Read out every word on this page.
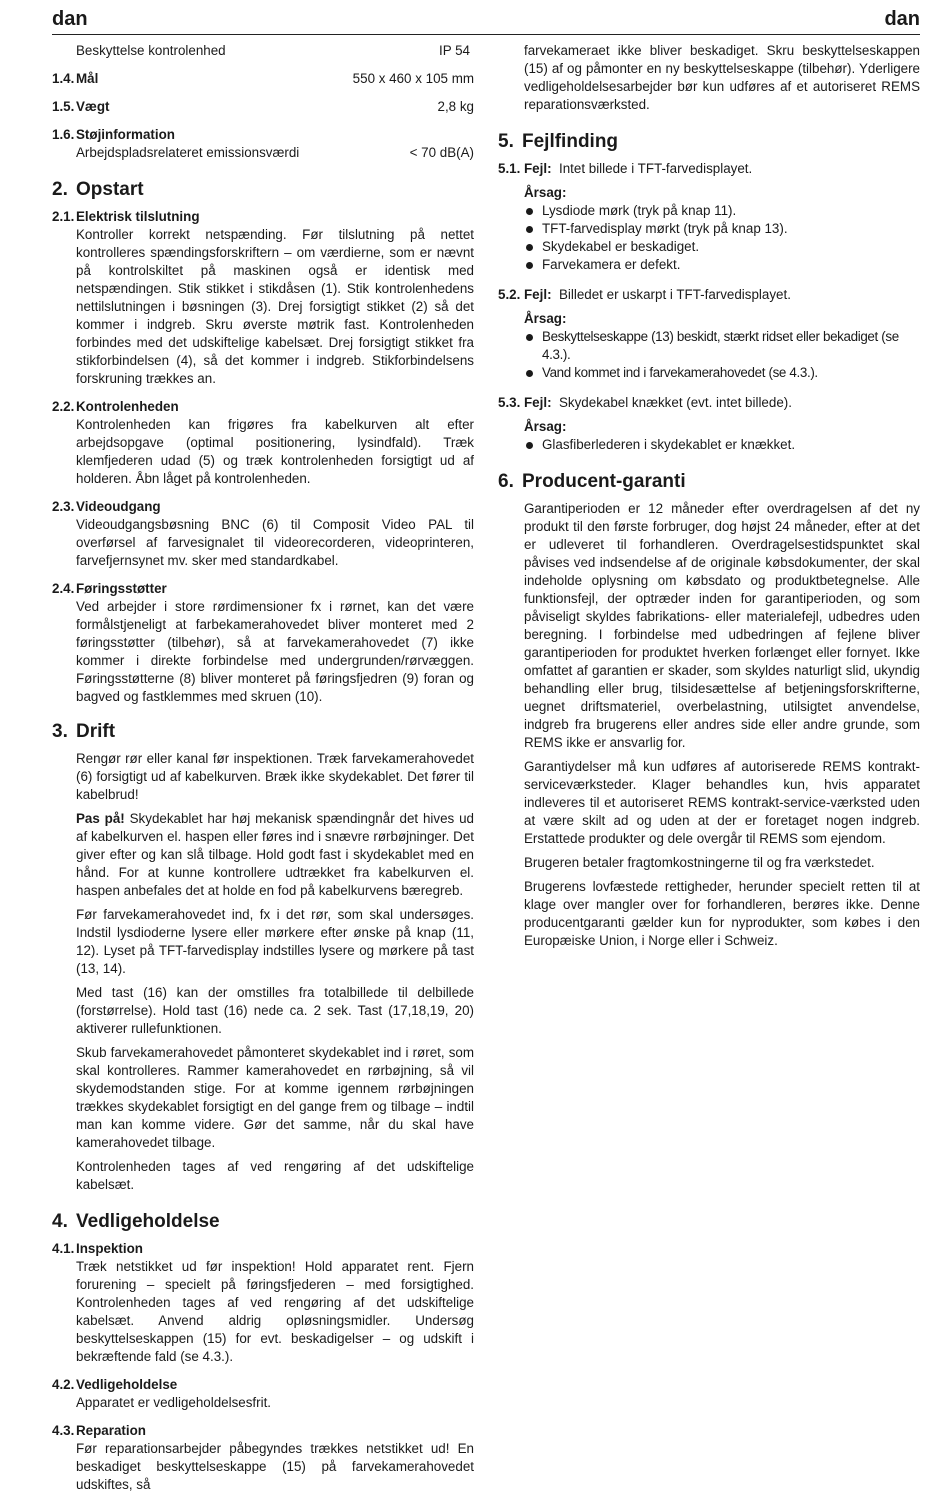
dan	dan
Beskyttelse kontrolenhed	IP 54
1.4. Mål	550 x 460 x 105 mm
1.5. Vægt	2,8 kg
1.6. Støjinformation
Arbejdspladsrelateret emissionsværdi	< 70 dB(A)
2. Opstart
2.1. Elektrisk tilslutning

Kontroller korrekt netspænding. Før tilslutning på nettet kontrolleres spændingsforskriftern – om værdierne, som er nævnt på kontrolskiltet på maskinen også er identisk med netspændingen. Stik stikket i stikdåsen (1). Stik kontrolenhedens nettilslutningen i bøsningen (3). Drej forsigtigt stikket (2) så det kommer i indgreb. Skru øverste møtrik fast. Kontrolenheden forbindes med det udskiftelige kabelsæt. Drej forsigtigt stikket fra stikforbindelsen (4), så det kommer i indgreb. Stikforbindelsens forskruning trækkes an.

2.2. Kontrolenheden

Kontrolenheden kan frigøres fra kabelkurven alt efter arbejdsopgave (optimal positionering, lysindfald). Træk klemfjederen udad (5) og træk kontrolenheden forsigtigt ud af holderen. Åbn låget på kontrolenheden.

2.3. Videoudgang

Videoudgangsbøsning BNC (6) til Composit Video PAL til overførsel af farvesignalet til videorecorderen, videoprinteren, farvefjernsynet mv. sker med standardkabel.

2.4. Føringsstøtter

Ved arbejder i store rørdimensioner fx i rørnet, kan det være formålstjeneligt at farbekamerahovedet bliver monteret med 2 føringsstøtter (tilbehør), så at farvekamerahovedet (7) ikke kommer i direkte forbindelse med undergrunden/rørvæggen. Føringsstøtterne (8) bliver monteret på føringsfjedren (9) foran og bagved og fastklemmes med skruen (10).

3. Drift

Rengør rør eller kanal før inspektionen. Træk farvekamerahovedet (6) forsigtigt ud af kabelkurven. Bræk ikke skydekablet. Det fører til kabelbrud!

Pas på! Skydekablet har høj mekanisk spændingnår det hives ud af kabelkurven el. haspen eller føres ind i snævre rørbøjninger. Det giver efter og kan slå tilbage. Hold godt fast i skydekablet med en hånd. For at kunne kontrollere udtrækket fra kabelkurven el. haspen anbefales det at holde en fod på kabelkurvens bæregreb.

Før farvekamerahovedet ind, fx i det rør, som skal undersøges. Indstil lysdioderne lysere eller mørkere efter ønske på knap (11, 12). Lyset på TFT-farvedisplay indstilles lysere og mørkere på tast (13, 14).

Med tast (16) kan der omstilles fra totalbillede til delbillede (forstørrelse). Hold tast (16) nede ca. 2 sek. Tast (17,18,19, 20) aktiverer rullefunktionen.

Skub farvekamerahovedet påmonteret skydekablet ind i røret, som skal kontrolleres. Rammer kamerahovedet en rørbøjning, så vil skydemodstanden stige. For at komme igennem rørbøjningen trækkes skydekablet forsigtigt en del gange frem og tilbage – indtil man kan komme videre. Gør det samme, når du skal have kamerahovedet tilbage.

Kontrolenheden tages af ved rengøring af det udskiftelige kabelsæt.

4. Vedligeholdelse
4.1. Inspektion

Træk netstikket ud før inspektion! Hold apparatet rent. Fjern forurening – specielt på føringsfjederen – med forsigtighed. Kontrolenheden tages af ved rengøring af det udskiftelige kabelsæt. Anvend aldrig opløsningsmidler. Undersøg beskyttelseskappen (15) for evt. beskadigelser – og udskift i bekræftende fald (se 4.3.).

4.2. Vedligeholdelse

Apparatet er vedligeholdelsesfrit.

4.3. Reparation

Før reparationsarbejder påbegyndes trækkes netstikket ud! En beskadiget beskyttelseskappe (15) på farvekamerahovedet udskiftes, så

farvekameraet ikke bliver beskadiget. Skru beskyttelseskappen (15) af og påmonter en ny beskyttelseskappe (tilbehør). Yderligere vedligeholdelsesarbejder bør kun udføres af et autoriseret REMS reparationsværksted.

5. Fejlfinding
5.1. Fejl: Intet billede i TFT-farvedisplayet.

Årsag:

Lysdiode mørk (tryk på knap 11).
TFT-farvedisplay mørkt (tryk på knap 13).
Skydekabel er beskadiget.
Farvekamera er defekt.
5.2. Fejl: Billedet er uskarpt i TFT-farvedisplayet.

Årsag:

Beskyttelseskappe (13) beskidt, stærkt ridset eller bekadiget (se 4.3.).
Vand kommet ind i farvekamerahovedet (se 4.3.).
5.3. Fejl: Skydekabel knækket (evt. intet billede).

Årsag:

Glasfiberlederen i skydekablet er knækket.
6. Producent-garanti

Garantiperioden er 12 måneder efter overdragelsen af det ny produkt til den første forbruger, dog højst 24 måneder, efter at det er udleveret til forhandleren. Overdragelsestidspunktet skal påvises ved indsendelse af de originale købsdokumenter, der skal indeholde oplysning om købsdato og produktbetegnelse. Alle funktionsfejl, der optræder inden for garantiperioden, og som påviseligt skyldes fabrikations- eller materialefejl, udbedres uden beregning. I forbindelse med udbedringen af fejlene bliver garantiperioden for produktet hverken forlænget eller fornyet. Ikke omfattet af garantien er skader, som skyldes naturligt slid, ukyndig behandling eller brug, tilsidesættelse af betjeningsforskrifterne, uegnet driftsmateriel, overbelastning, utilsigtet anvendelse, indgreb fra brugerens eller andres side eller andre grunde, som REMS ikke er ansvarlig for.

Garantiydelser må kun udføres af autoriserede REMS kontrakt-serviceværksteder. Klager behandles kun, hvis apparatet indleveres til et autoriseret REMS kontrakt-service-værksted uden at være skilt ad og uden at der er foretaget nogen indgreb. Erstattede produkter og dele overgår til REMS som ejendom.

Brugeren betaler fragtomkostningerne til og fra værkstedet.

Brugerens lovfæstede rettigheder, herunder specielt retten til at klage over mangler over for forhandleren, berøres ikke. Denne producentgaranti gælder kun for nyprodukter, som købes i den Europæiske Union, i Norge eller i Schweiz.
